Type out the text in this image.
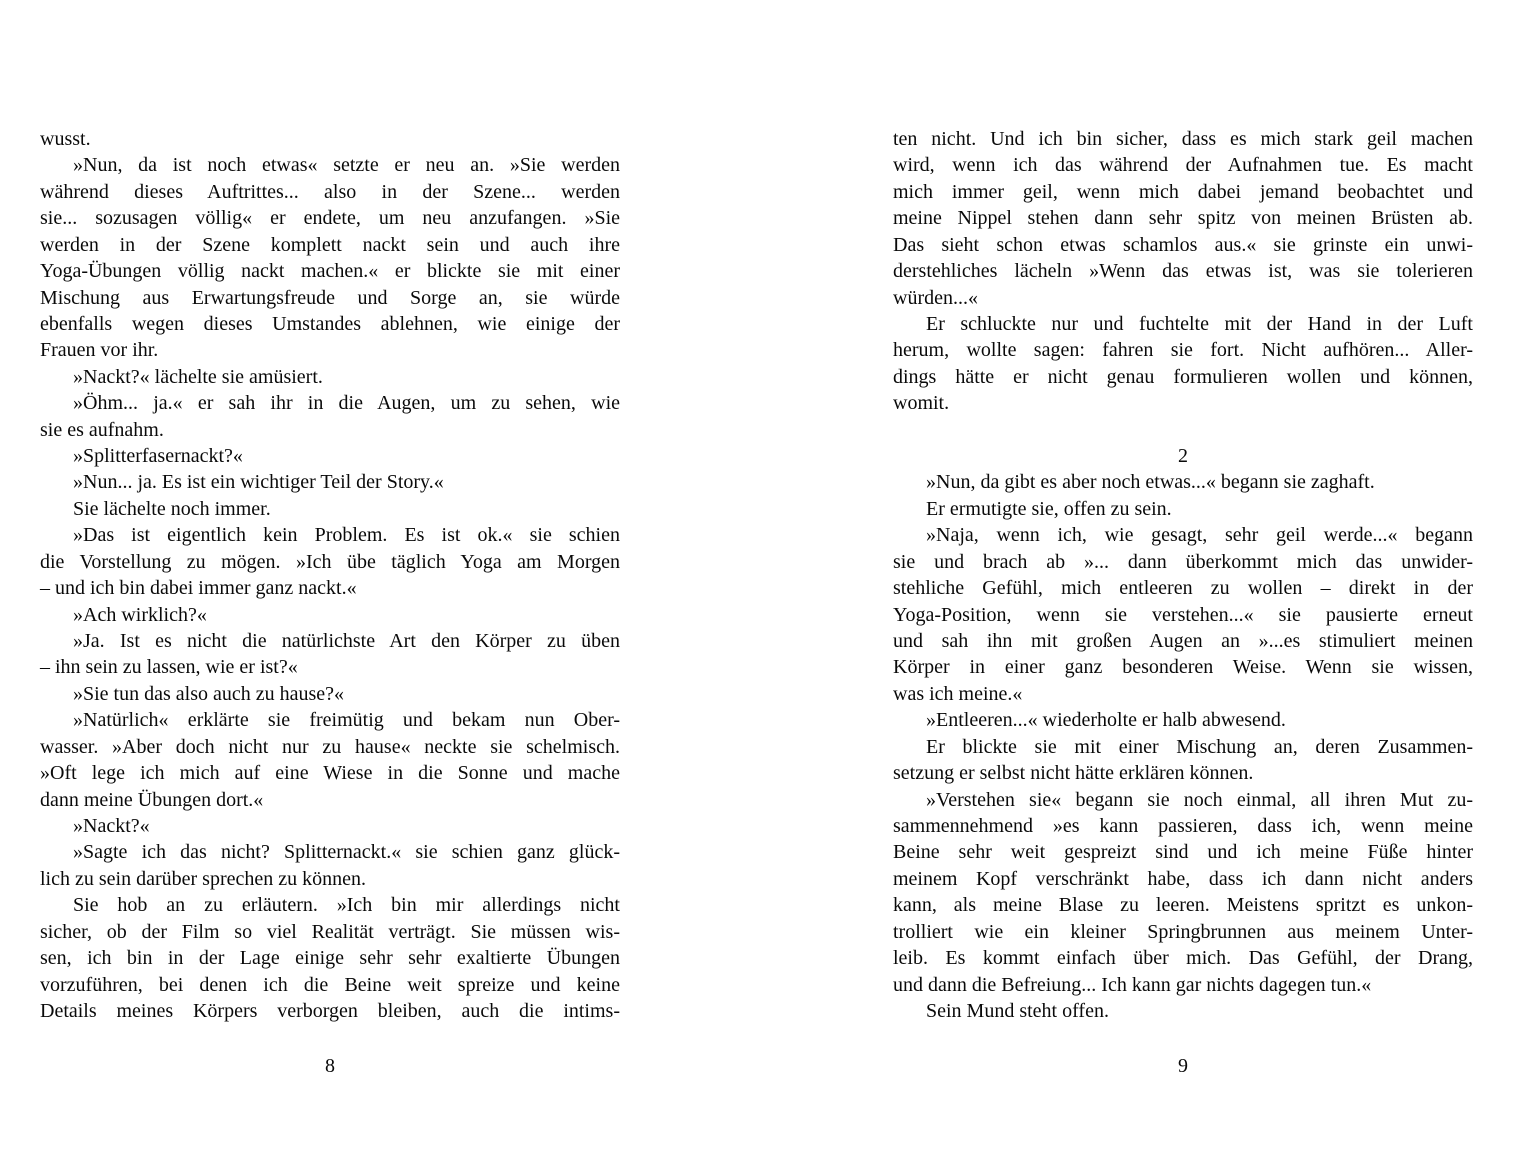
wusst.
»Nun, da ist noch etwas« setzte er neu an. »Sie werden
während dieses Auftrittes... also in der Szene... werden
sie... sozusagen völlig« er endete, um neu anzufangen. »Sie
werden in der Szene komplett nackt sein und auch ihre
Yoga-Übungen völlig nackt machen.« er blickte sie mit einer
Mischung aus Erwartungsfreude und Sorge an, sie würde
ebenfalls wegen dieses Umstandes ablehnen, wie einige der
Frauen vor ihr.
»Nackt?« lächelte sie amüsiert.
»Öhm... ja.« er sah ihr in die Augen, um zu sehen, wie
sie es aufnahm.
»Splitterfasernackt?«
»Nun... ja. Es ist ein wichtiger Teil der Story.«
Sie lächelte noch immer.
»Das ist eigentlich kein Problem. Es ist ok.« sie schien
die Vorstellung zu mögen. »Ich übe täglich Yoga am Morgen
– und ich bin dabei immer ganz nackt.«
»Ach wirklich?«
»Ja. Ist es nicht die natürlichste Art den Körper zu üben
– ihn sein zu lassen, wie er ist?«
»Sie tun das also auch zu hause?«
»Natürlich« erklärte sie freimütig und bekam nun Ober-
wasser. »Aber doch nicht nur zu hause« neckte sie schelmisch.
»Oft lege ich mich auf eine Wiese in die Sonne und mache
dann meine Übungen dort.«
»Nackt?«
»Sagte ich das nicht? Splitternackt.« sie schien ganz glück-
lich zu sein darüber sprechen zu können.
Sie hob an zu erläutern. »Ich bin mir allerdings nicht
sicher, ob der Film so viel Realität verträgt. Sie müssen wis-
sen, ich bin in der Lage einige sehr sehr exaltierte Übungen
vorzuführen, bei denen ich die Beine weit spreize und keine
Details meines Körpers verborgen bleiben, auch die intims-
ten nicht. Und ich bin sicher, dass es mich stark geil machen
wird, wenn ich das während der Aufnahmen tue. Es macht
mich immer geil, wenn mich dabei jemand beobachtet und
meine Nippel stehen dann sehr spitz von meinen Brüsten ab.
Das sieht schon etwas schamlos aus.« sie grinste ein unwi-
derstehliches lächeln »Wenn das etwas ist, was sie tolerieren
würden...«
Er schluckte nur und fuchtelte mit der Hand in der Luft
herum, wollte sagen: fahren sie fort. Nicht aufhören... Aller-
dings hätte er nicht genau formulieren wollen und können,
womit.

2
»Nun, da gibt es aber noch etwas...« begann sie zaghaft.
Er ermutigte sie, offen zu sein.
»Naja, wenn ich, wie gesagt, sehr geil werde...« begann
sie und brach ab »... dann überkommt mich das unwider-
stehliche Gefühl, mich entleeren zu wollen – direkt in der
Yoga-Position, wenn sie verstehen...« sie pausierte erneut
und sah ihn mit großen Augen an »...es stimuliert meinen
Körper in einer ganz besonderen Weise. Wenn sie wissen,
was ich meine.«
»Entleeren...« wiederholte er halb abwesend.
Er blickte sie mit einer Mischung an, deren Zusammen-
setzung er selbst nicht hätte erklären können.
»Verstehen sie« begann sie noch einmal, all ihren Mut zu-
sammennehmend »es kann passieren, dass ich, wenn meine
Beine sehr weit gespreizt sind und ich meine Füße hinter
meinem Kopf verschränkt habe, dass ich dann nicht anders
kann, als meine Blase zu leeren. Meistens spritzt es unkon-
trolliert wie ein kleiner Springbrunnen aus meinem Unter-
leib. Es kommt einfach über mich. Das Gefühl, der Drang,
und dann die Befreiung... Ich kann gar nichts dagegen tun.«
Sein Mund steht offen.
8	9
